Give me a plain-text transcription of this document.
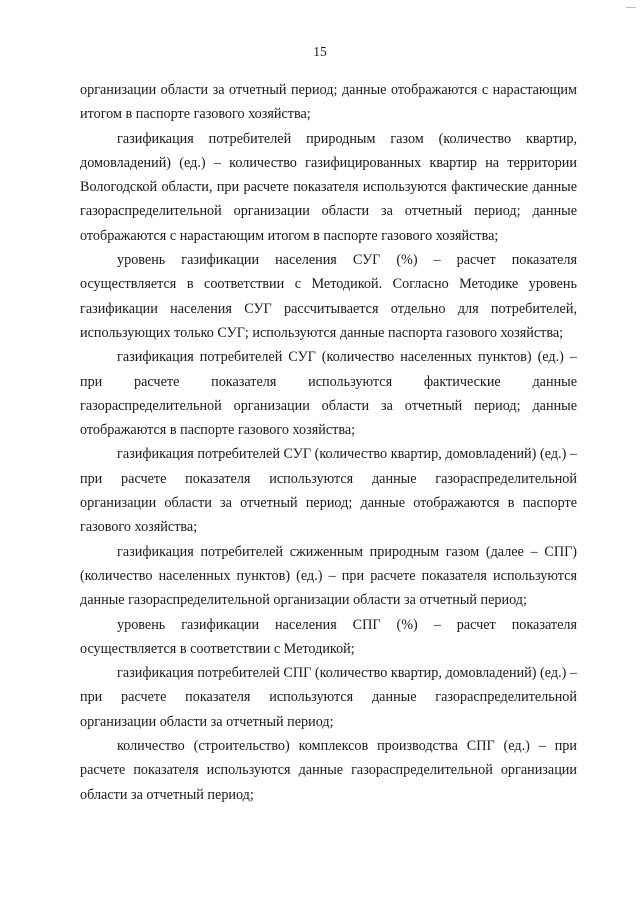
—
15

организации области за отчетный период; данные отображаются с нарастающим итогом в паспорте газового хозяйства;

газификация потребителей природным газом (количество квартир, домовладений) (ед.) – количество газифицированных квартир на территории Вологодской области, при расчете показателя используются фактические данные газораспределительной организации области за отчетный период; данные отображаются с нарастающим итогом в паспорте газового хозяйства;

уровень газификации населения СУГ (%) – расчет показателя осуществляется в соответствии с Методикой. Согласно Методике уровень газификации населения СУГ рассчитывается отдельно для потребителей, использующих только СУГ; используются данные паспорта газового хозяйства;

газификация потребителей СУГ (количество населенных пунктов) (ед.) – при расчете показателя используются фактические данные газораспределительной организации области за отчетный период; данные отображаются в паспорте газового хозяйства;

газификация потребителей СУГ (количество квартир, домовладений) (ед.) – при расчете показателя используются данные газораспределительной организации области за отчетный период; данные отображаются в паспорте газового хозяйства;

газификация потребителей сжиженным природным газом (далее – СПГ) (количество населенных пунктов) (ед.) – при расчете показателя используются данные газораспределительной организации области за отчетный период;

уровень газификации населения СПГ (%) – расчет показателя осуществляется в соответствии с Методикой;

газификация потребителей СПГ (количество квартир, домовладений) (ед.) – при расчете показателя используются данные газораспределительной организации области за отчетный период;

количество (строительство) комплексов производства СПГ (ед.) – при расчете показателя используются данные газораспределительной организации области за отчетный период;
